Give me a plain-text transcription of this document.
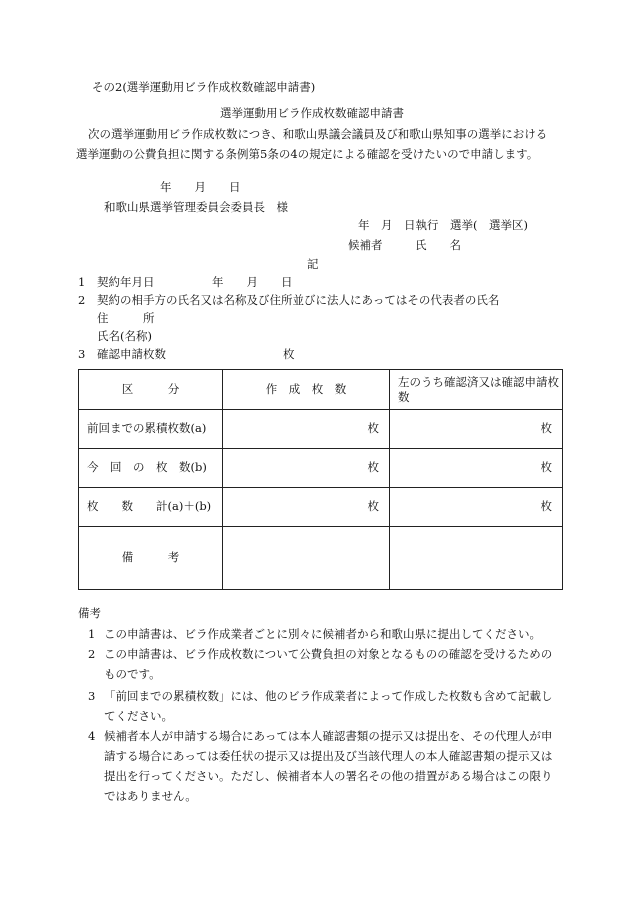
その2(選挙運動用ビラ作成枚数確認申請書)
選挙運動用ビラ作成枚数確認申請書
次の選挙運動用ビラ作成枚数につき、和歌山県議会議員及び和歌山県知事の選挙における選挙運動の公費負担に関する条例第5条の4の規定による確認を受けたいので申請します。
年　　月　　日
和歌山県選挙管理委員会委員長　様
年　月　日執行　選挙(　選挙区)
候補者	氏　　名
記
1 契約年月日	年　　月　　日
2 契約の相手方の氏名又は名称及び住所並びに法人にあってはその代表者の氏名
住　　　所
氏名(名称)
3 確認申請枚数	枚
区　　　分	作　成　枚　数	左のうち確認済又は確認申請枚数
前回までの累積枚数(a)	枚	枚
今　回　の　枚　数(b)	枚	枚
枚　　数　　計(a)＋(b)	枚	枚
備　　　考		
備考
1 この申請書は、ビラ作成業者ごとに別々に候補者から和歌山県に提出してください。
2 この申請書は、ビラ作成枚数について公費負担の対象となるものの確認を受けるためのものです。
3 「前回までの累積枚数」には、他のビラ作成業者によって作成した枚数も含めて記載してください。
4 候補者本人が申請する場合にあっては本人確認書類の提示又は提出を、その代理人が申請する場合にあっては委任状の提示又は提出及び当該代理人の本人確認書類の提示又は提出を行ってください。ただし、候補者本人の署名その他の措置がある場合はこの限りではありません。
